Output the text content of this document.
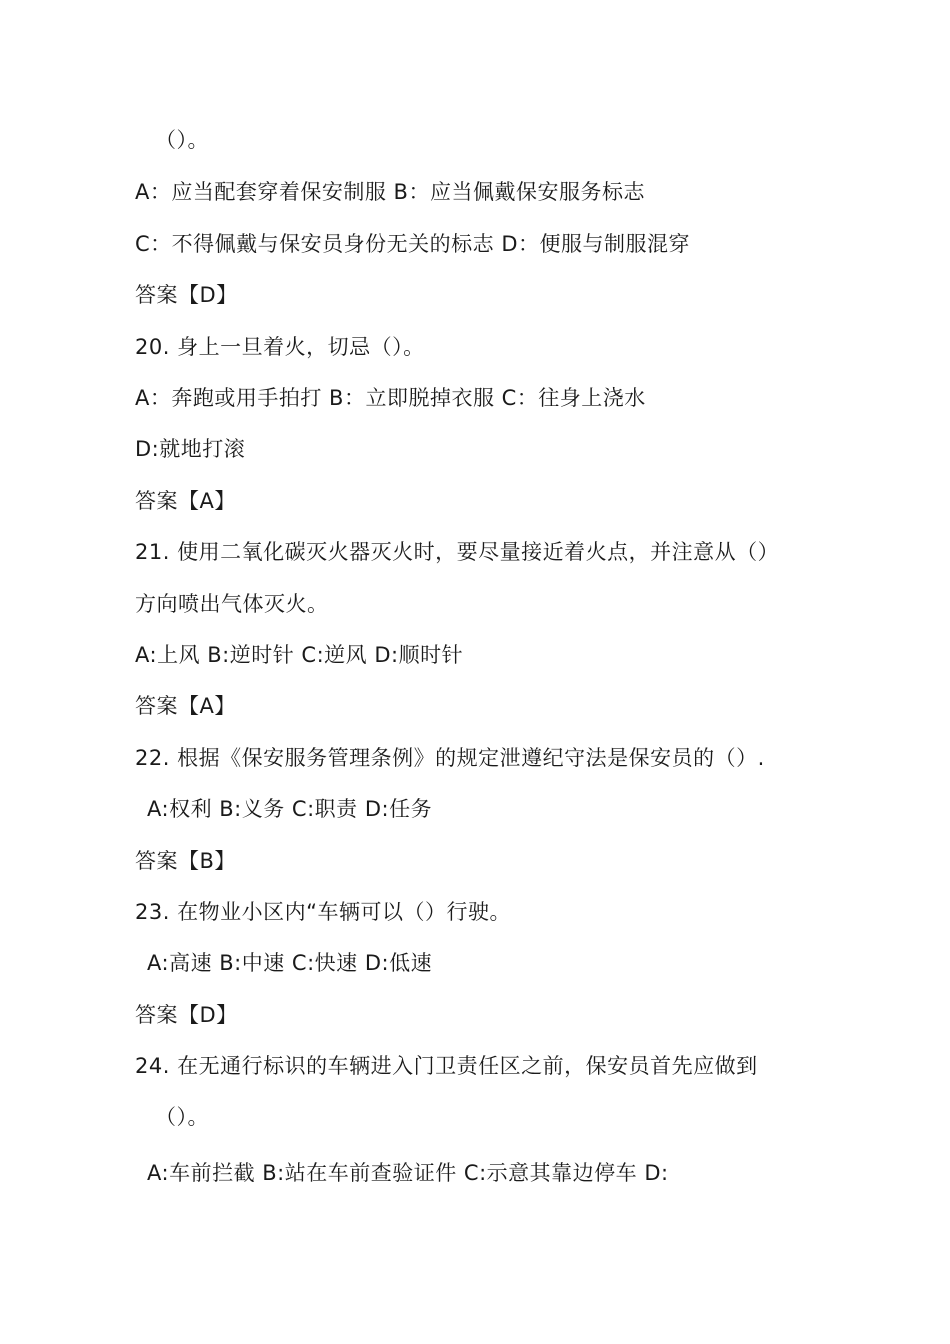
（）。
A：应当配套穿着保安制服 B：应当佩戴保安服务标志
C：不得佩戴与保安员身份无关的标志 D：便服与制服混穿
答案【D】
20. 身上一旦着火，切忌（）。
A：奔跑或用手拍打 B：立即脱掉衣服 C：往身上浇水
D:就地打滚
答案【A】
21. 使用二氧化碳灭火器灭火时，要尽量接近着火点，并注意从（）
方向喷出气体灭火。
A:上风 B:逆时针 C:逆风 D:顺时针
答案【A】
22. 根据《保安服务管理条例》的规定泄遵纪守法是保安员的（）.
A:权利 B:义务 C:职责 D:任务
答案【B】
23. 在物业小区内“车辆可以（）行驶。
A:高速 B:中速 C:快速 D:低速
答案【D】
24. 在无通行标识的车辆进入门卫责任区之前，保安员首先应做到
（）。
A:车前拦截 B:站在车前查验证件 C:示意其靠边停车 D:
